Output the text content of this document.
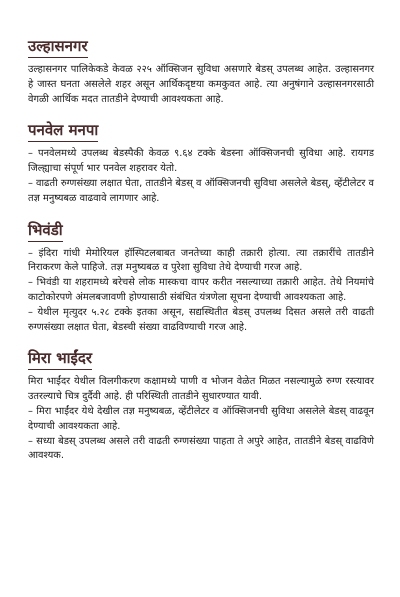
उल्हासनगर

उल्हासनगर पालिकेकडे केवळ २२५ ऑक्सिजन सुविधा असणारे बेडस् उपलब्ध आहेत. उल्हासनगर हे जास्त घनता असलेले शहर असून आर्थिकदृष्टया कमकुवत आहे. त्या अनुषंगाने उल्हासनगरसाठी वेगळी आर्थिक मदत तातडीने देण्याची आवश्यकता आहे.

पनवेल मनपा

– पनवेलमध्ये उपलब्ध बेडस्पैकी केवळ ९.६४ टक्के बेडस्ना ऑक्सिजनची सुविधा आहे. रायगड जिल्ह्याचा संपूर्ण भार पनवेल शहरावर येतो.

– वाढती रुग्णसंख्या लक्षात घेता, तातडीने बेडस् व ऑक्सिजनची सुविधा असलेले बेडस्, व्हेंटीलेटर व तज्ञ मनुष्यबळ वाढवावे लागणार आहे.

भिवंडी

– इंदिरा गांधी मेमोरियल हॉस्पिटलबाबत जनतेच्या काही तक्रारी होत्या. त्या तक्रारींचे तातडीने निराकरण केले पाहिजे. तज्ञ मनुष्यबळ व पुरेशा सुविधा तेथे देण्याची गरज आहे.

– भिवंडी या शहरामध्ये बरेचसे लोक मास्कचा वापर करीत नसल्याच्या तक्रारी आहेत. तेथे नियमांचे काटोकोरपणे अंमलबजावणी होण्यासाठी संबंधित यंत्रणेला सूचना देण्याची आवश्यकता आहे.

– येथील मृत्युदर ५.२८ टक्के इतका असून, सद्यस्थितीत बेडस् उपलब्ध दिसत असले तरी वाढती रुग्णसंख्या लक्षात घेता, बेडस्ची संख्या वाढविण्याची गरज आहे.

मिरा भाईंदर

मिरा भाईंदर येथील विलगीकरण कक्षामध्ये पाणी व भोजन वेळेत मिळत नसल्यामुळे रुग्ण रस्त्यावर उतरल्याचे चित्र दुर्दैवी आहे. ही परिस्थिती तातडीने सुधारण्यात यावी.

– मिरा भाईंदर येथे देखील तज्ञ मनुष्यबळ, व्हेंटीलेटर व ऑक्सिजनची सुविधा असलेले बेडस् वाढवून देण्याची आवश्यकता आहे.

– सध्या बेडस् उपलब्ध असले तरी वाढती रुग्णसंख्या पाहता ते अपुरे आहेत, तातडीने बेडस् वाढविणे आवश्यक.
